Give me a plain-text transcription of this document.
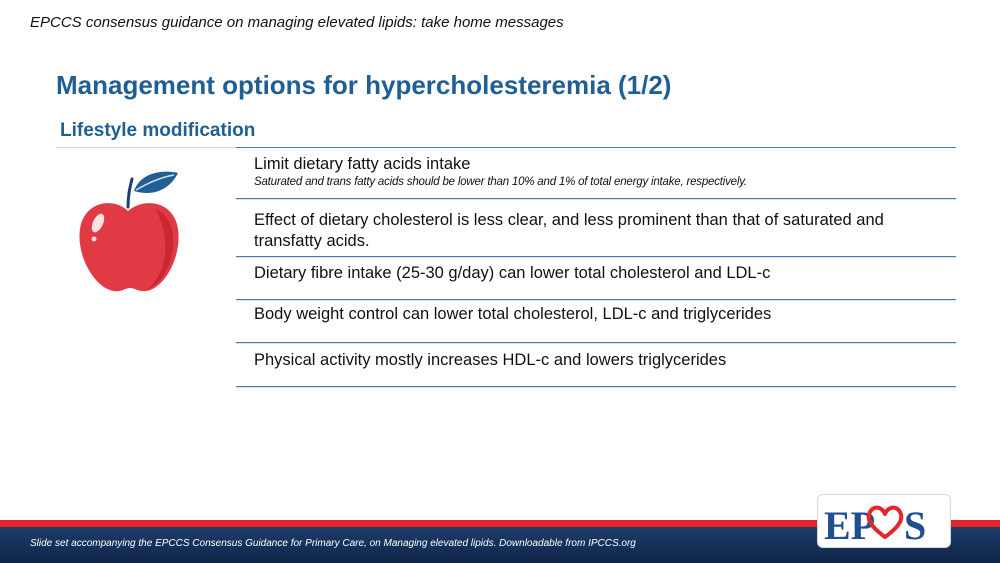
EPCCS consensus guidance on managing elevated lipids: take home messages
Management options for hypercholesteremia (1/2)
Lifestyle modification
Limit dietary fatty acids intake
Saturated and trans fatty acids should be lower than 10% and 1% of total energy intake, respectively.
Effect of dietary cholesterol is less clear, and less prominent than that of saturated and transfatty acids.
Dietary fibre intake (25-30 g/day) can lower total cholesterol and LDL-c
Body weight control can lower total cholesterol, LDL-c and triglycerides
Physical activity mostly increases HDL-c and lowers triglycerides
Slide set accompanying the EPCCS Consensus Guidance for Primary Care, on Managing elevated lipids. Downloadable from IPCCS.org	EP S
